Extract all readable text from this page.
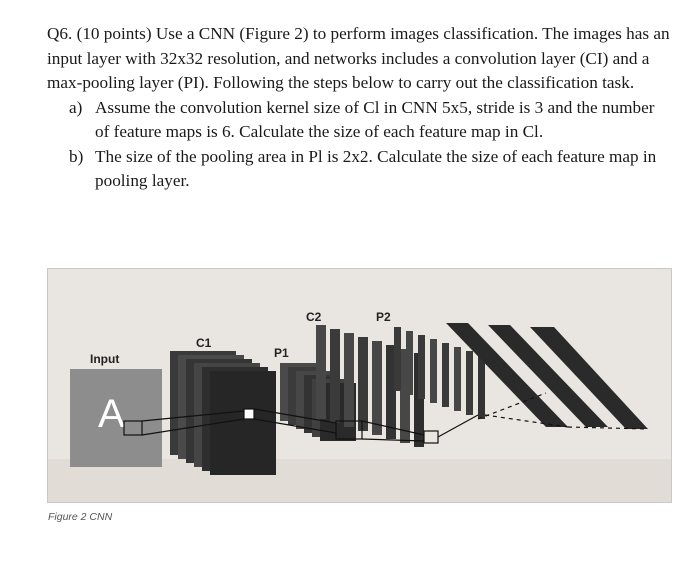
Q6. (10 points) Use a CNN (Figure 2) to perform images classification. The images has an input layer with 32x32 resolution, and networks includes a convolution layer (CI) and a max-pooling layer (PI). Following the steps below to carry out the classification task.

a) Assume the convolution kernel size of Cl in CNN 5x5, stride is 3 and the number of feature maps is 6. Calculate the size of each feature map in Cl.
b) The size of the pooling area in Pl is 2x2. Calculate the size of each feature map in pooling layer.
A
Input
C1
P1
C2	P2
Figure 2 CNN
